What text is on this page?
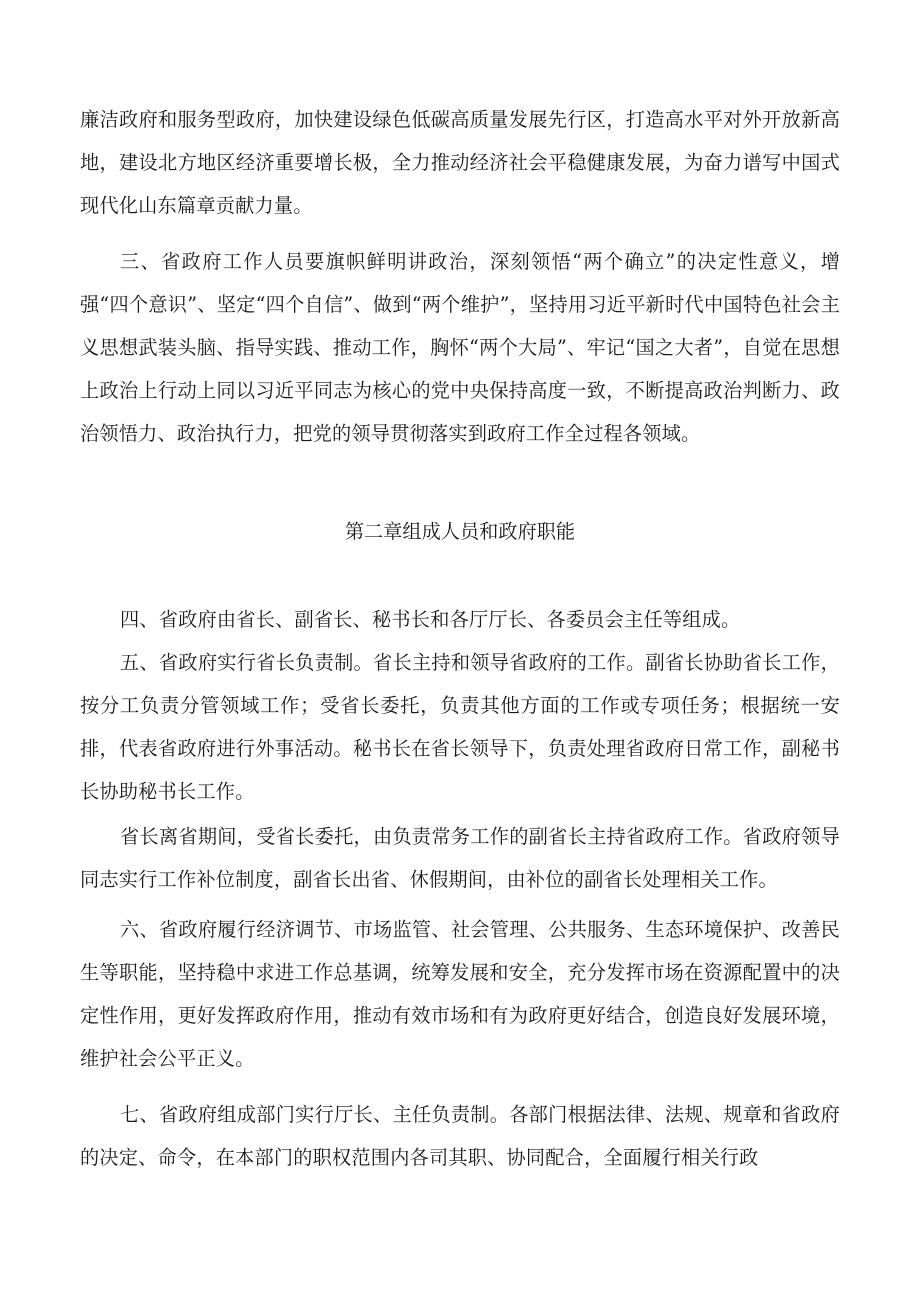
廉洁政府和服务型政府，加快建设绿色低碳高质量发展先行区，打造高水平对外开放新高地，建设北方地区经济重要增长极，全力推动经济社会平稳健康发展，为奋力谱写中国式现代化山东篇章贡献力量。

三、省政府工作人员要旗帜鲜明讲政治，深刻领悟“两个确立”的决定性意义，增强“四个意识”、坚定“四个自信”、做到“两个维护”，坚持用习近平新时代中国特色社会主义思想武装头脑、指导实践、推动工作，胸怀“两个大局”、牢记“国之大者”，自觉在思想上政治上行动上同以习近平同志为核心的党中央保持高度一致，不断提高政治判断力、政治领悟力、政治执行力，把党的领导贯彻落实到政府工作全过程各领域。

第二章组成人员和政府职能

四、省政府由省长、副省长、秘书长和各厅厅长、各委员会主任等组成。

五、省政府实行省长负责制。省长主持和领导省政府的工作。副省长协助省长工作，按分工负责分管领域工作；受省长委托，负责其他方面的工作或专项任务；根据统一安排，代表省政府进行外事活动。秘书长在省长领导下，负责处理省政府日常工作，副秘书长协助秘书长工作。

省长离省期间，受省长委托，由负责常务工作的副省长主持省政府工作。省政府领导同志实行工作补位制度，副省长出省、休假期间，由补位的副省长处理相关工作。

六、省政府履行经济调节、市场监管、社会管理、公共服务、生态环境保护、改善民生等职能，坚持稳中求进工作总基调，统筹发展和安全，充分发挥市场在资源配置中的决定性作用，更好发挥政府作用，推动有效市场和有为政府更好结合，创造良好发展环境，维护社会公平正义。

七、省政府组成部门实行厅长、主任负责制。各部门根据法律、法规、规章和省政府的决定、命令，在本部门的职权范围内各司其职、协同配合，全面履行相关行政
